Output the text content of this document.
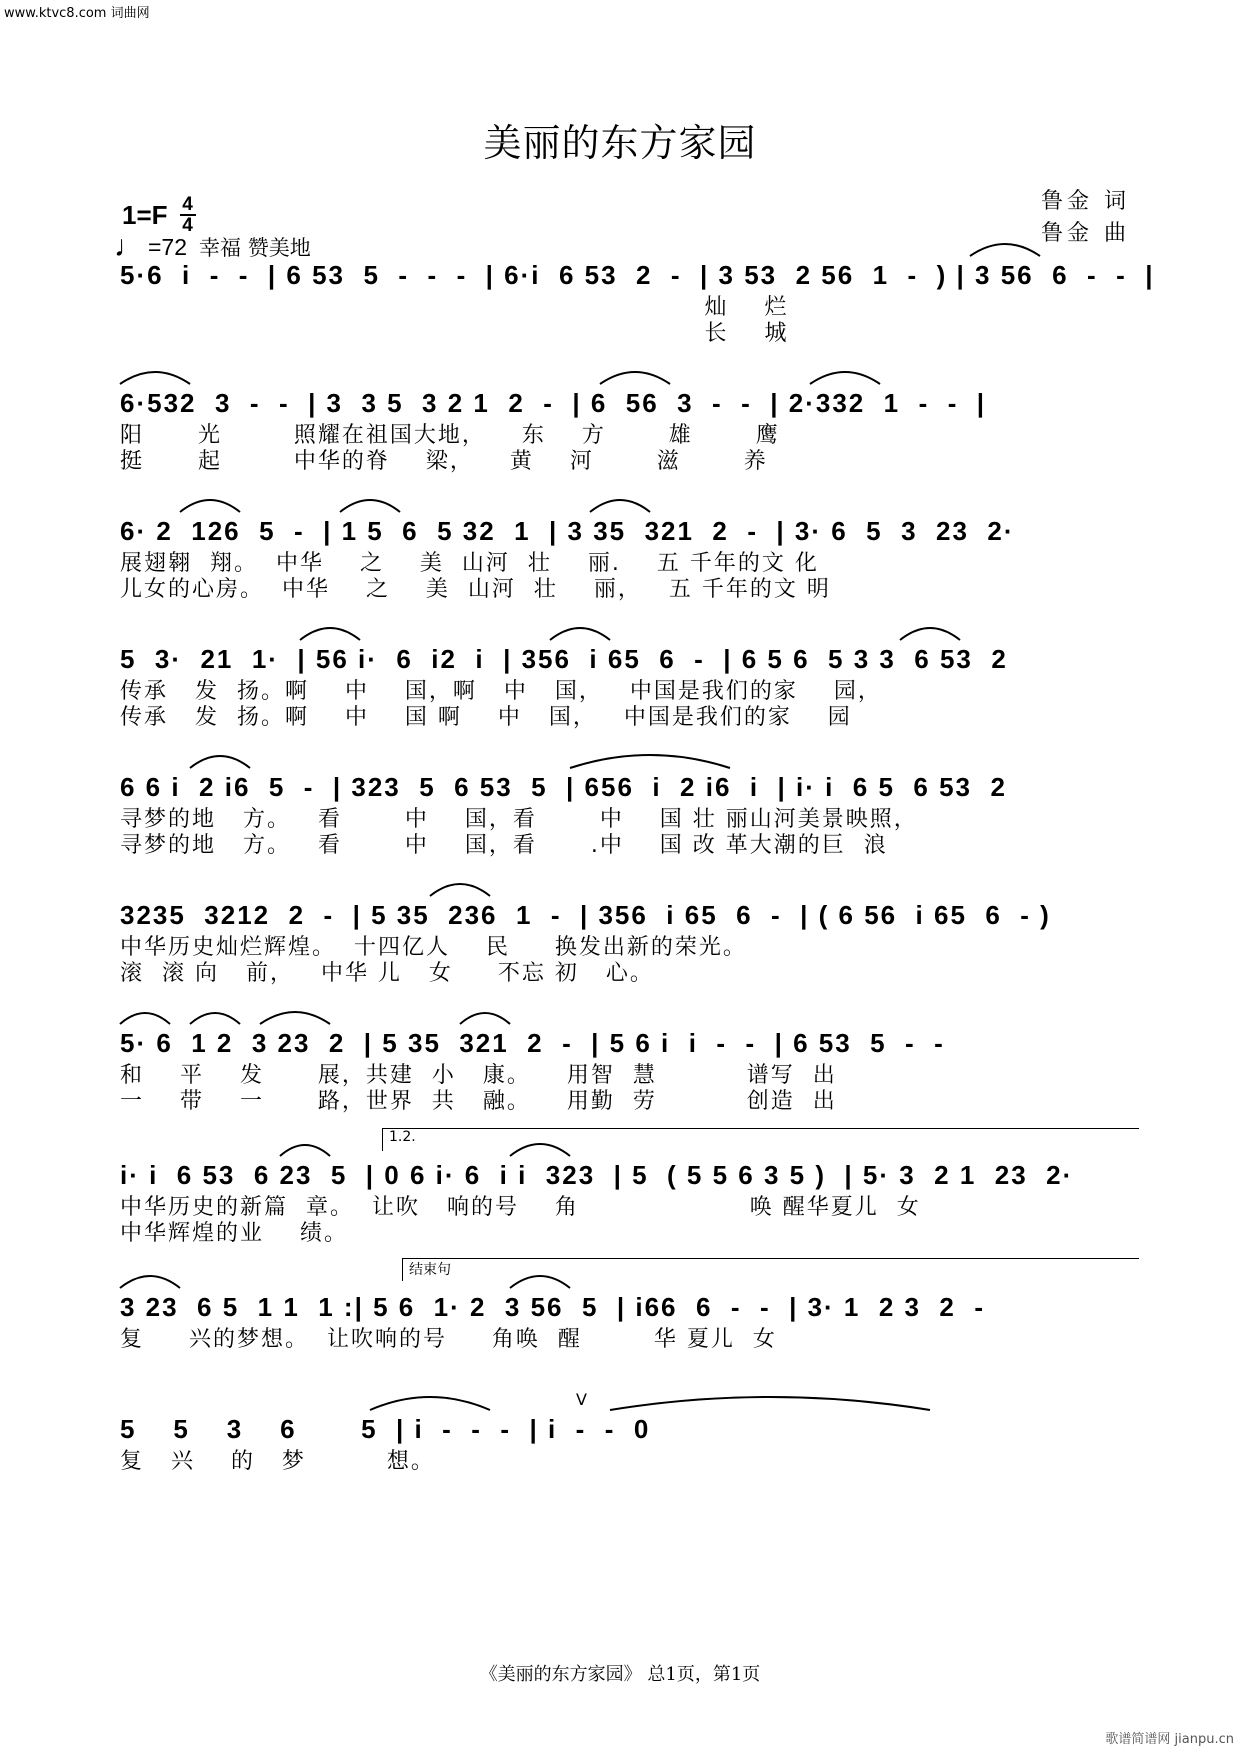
www.ktvc8.com 词曲网
美丽的东方家园
$1=F \frac{4}{4}$
♩ =72 幸福 赞美地
鲁金 词
鲁金 曲
5·6  i  -  -  | 6 53  5  -  -  -  | 6·i  6 53  2  -  | 3 53  2 56  1  -  ) | 3 56  6  -  -  |
灿    烂
长    城
6·532  3  -  -  | 3  3 5  3 2 1  2  -  | 6  56  3  -  -  | 2·332  1  -  -  |
阳      光        照耀在祖国大地，    东    方       雄       鹰
挺      起        中华的脊    梁，    黄    河       滋       养
6· 2  126  5  -  | 1 5  6  5 32  1  | 3 35  321  2  -  | 3· 6  5  3  23  2·
展翅翱  翔。  中华    之    美  山河  壮    丽.    五 千年的文 化
儿女的心房。  中华    之    美  山河  壮    丽，   五 千年的文 明
5  3·  21  1·  | 56 i·  6  i2  i  | 356  i 65  6  -  | 6 5 6  5 3 3  6 53  2
传承   发  扬。啊    中    国，啊   中   国，   中国是我们的家    园，
传承   发  扬。啊    中    国 啊    中   国，   中国是我们的家    园
6 6 i  2 i6  5  -  | 323  5  6 53  5  | 656  i  2 i6  i  | i· i  6 5  6 53  2
寻梦的地   方。   看       中    国，看       中    国 壮 丽山河美景映照，
寻梦的地   方。   看       中    国，看      .中    国 改 革大潮的巨  浪
3235  3212  2  -  | 5 35  236  1  -  | 356  i 65  6  -  | ( 6 56  i 65  6  - )
中华历史灿烂辉煌。  十四亿人    民     换发出新的荣光。
滚  滚 向   前，   中华 儿   女     不忘 初   心。
5· 6  1 2  3 23  2  | 5 35  321  2  -  | 5 6 i  i  -  -  | 6 53  5  -  -
和    平    发      展，共建  小   康。    用智  慧          谱写  出
一    带    一      路，世界  共   融。    用勤  劳          创造  出
1.2.
i· i  6 53  6 23  5  | 0 6 i· 6  i i  323  | 5  ( 5 5 6 3 5 )  | 5· 3  2 1  23  2·
中华历史的新篇  章。  让吹   响的号    角                   唤 醒华夏儿  女
中华辉煌的业    绩。
结束句
3 23  6 5  1 1  1 :| 5 6  1· 2  3 56  5  | i66  6  -  -  | 3· 1  2 3  2  -
复     兴的梦想。  让吹响的号     角唤  醒        华 夏儿  女
V
5    5    3    6       5  | i  -  -  -  | i  -  -  0
复   兴    的   梦         想。
《美丽的东方家园》 总1页，第1页
歌谱简谱网 jianpu.cn
